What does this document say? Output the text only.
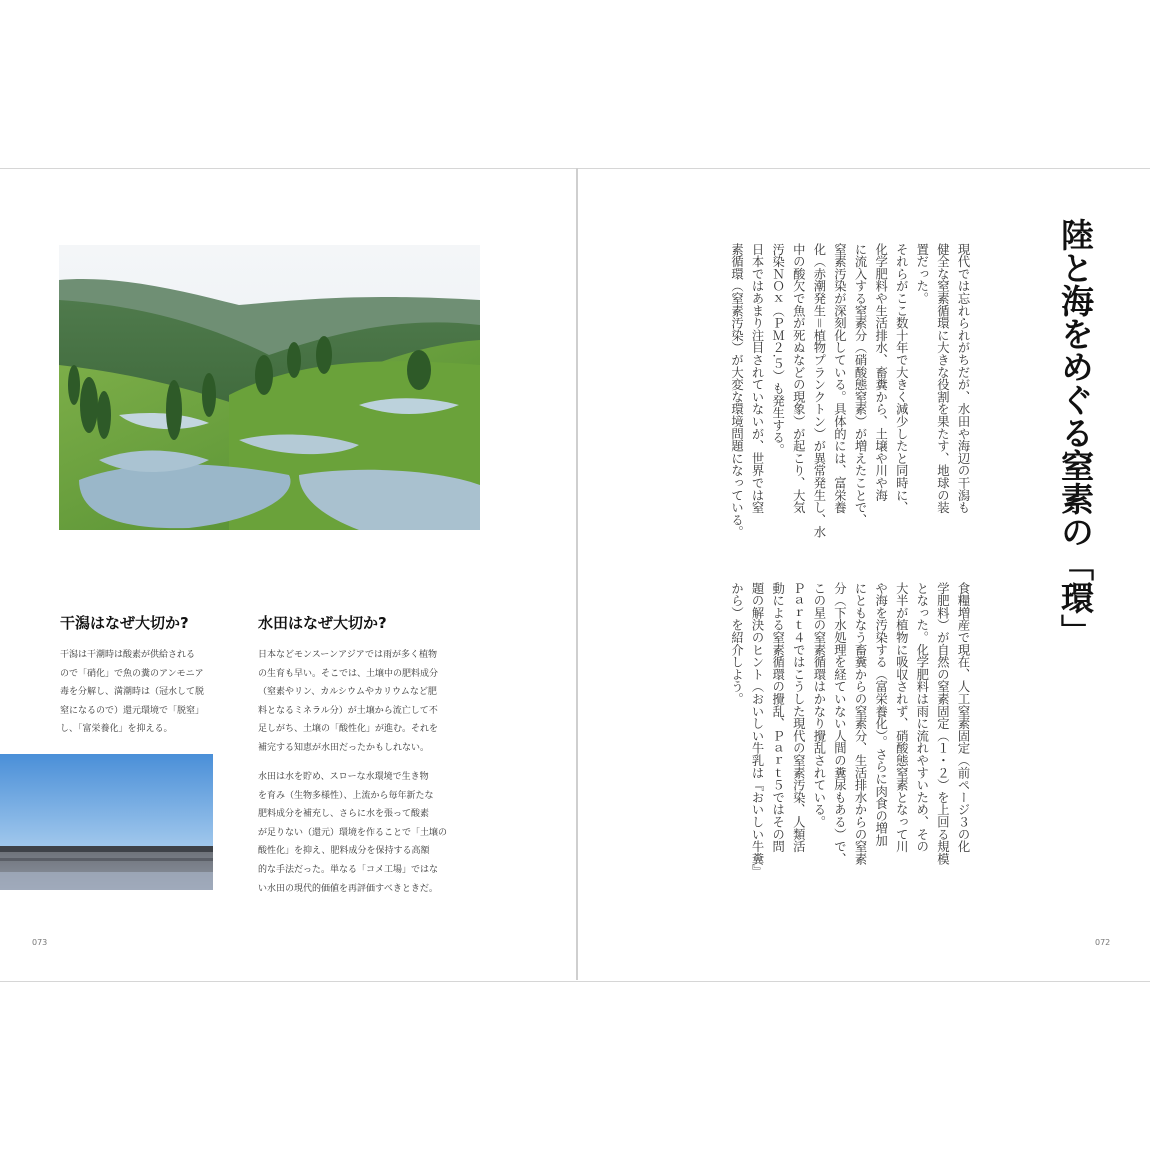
干潟はなぜ大切か?

干潟は干潮時は酸素が供給される
ので「硝化」で魚の糞のアンモニア
毒を分解し、満潮時は（冠水して脱
窒になるので）還元環境で「脱窒」
し、「富栄養化」を抑える。

水田はなぜ大切か?

日本などモンスーンアジアでは雨が多く植物
の生育も早い。そこでは、土壌中の肥料成分
（窒素やリン、カルシウムやカリウムなど肥
料となるミネラル分）が土壌から流亡して不
足しがち、土壌の「酸性化」が進む。それを
補完する知恵が水田だったかもしれない。

水田は水を貯め、スローな水環境で生き物
を育み（生物多様性）、上流から毎年新たな
肥料成分を補充し、さらに水を張って酸素
が足りない（還元）環境を作ることで「土壌の
酸性化」を抑え、肥料成分を保持する高額
的な手法だった。単なる「コメ工場」ではな
い水田の現代的価値を再評価すべきときだ。

073	072

陸と海をめぐる窒素の「環」
現代では忘れられがちだが、水田や海辺の干潟も
健全な窒素循環に大きな役割を果たす、地球の装
置だった。
それらがここ数十年で大きく減少したと同時に、
化学肥料や生活排水、畜糞から、土壌や川や海
に流入する窒素分（硝酸態窒素）が増えたことで、
窒素汚染が深刻化している。具体的には、富栄養
化（赤潮発生＝植物プランクトン）が異常発生し、水
中の酸欠で魚が死ぬなどの現象）が起こり、大気
汚染ＮＯｘ（ＰＭ２.５）も発生する。
日本ではあまり注目されていないが、世界では窒
素循環（窒素汚染）が大変な環境問題になっている。
食糧増産で現在、人工窒素固定（前ページ３の化
学肥料）が自然の窒素固定（１・２）を上回る規模
となった。化学肥料は雨に流れやすいため、その
大半が植物に吸収されず、硝酸態窒素となって川
や海を汚染する（富栄養化）。さらに肉食の増加
にともなう畜糞からの窒素分、生活排水からの窒素
分（下水処理を経ていない人間の糞尿もある）で、
この星の窒素循環はかなり攪乱されている。
Ｐａｒｔ４ではこうした現代の窒素汚染、人類活
動による窒素循環の攪乱、Ｐａｒｔ５ではその問
題の解決のヒント（おいしい牛乳は『おいしい牛糞』
から）を紹介しよう。
